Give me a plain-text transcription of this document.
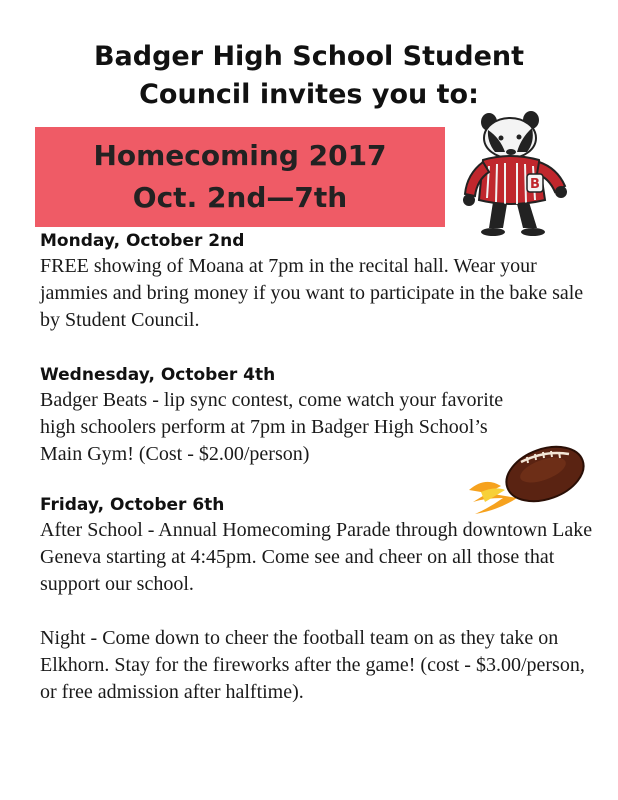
Badger High School Student
Council invites you to:
Homecoming 2017
Oct. 2nd—7th	B
Monday, October 2nd

FREE showing of Moana at 7pm in the recital hall. Wear your jammies and bring money if you want to participate in the bake sale by Student Council.

Wednesday, October 4th

Badger Beats - lip sync contest, come watch your favorite high schoolers perform at 7pm in Badger High School’s Main Gym! (Cost - $2.00/person)

Friday, October 6th

After School - Annual Homecoming Parade through downtown Lake Geneva starting at 4:45pm. Come see and cheer on all those that support our school.

Night - Come down to cheer the football team on as they take on Elkhorn. Stay for the fireworks after the game! (cost - $3.00/person, or free admission after halftime).
